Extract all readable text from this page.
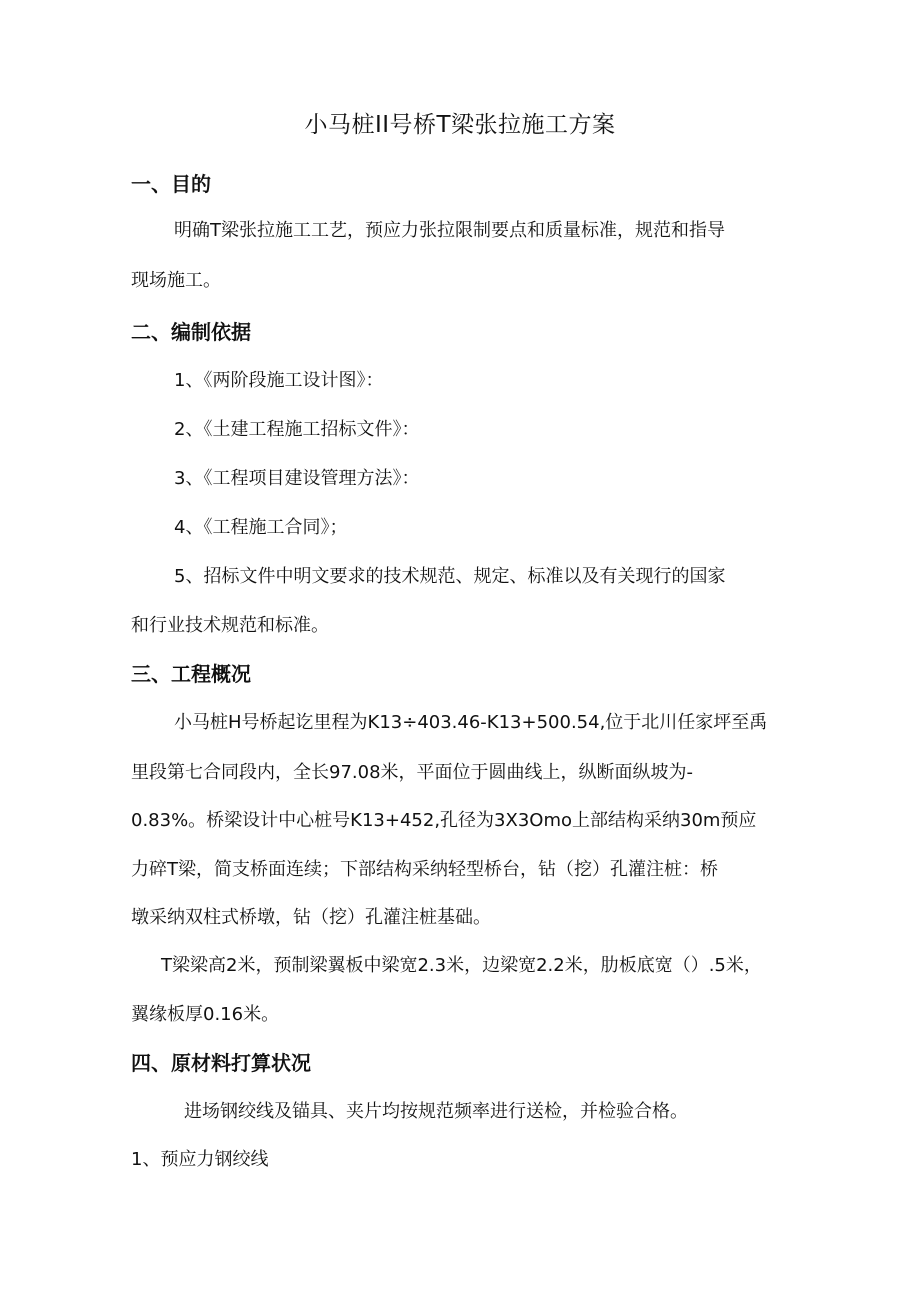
小马桩II号桥T梁张拉施工方案
一、目的
明确T梁张拉施工工艺，预应力张拉限制要点和质量标准，规范和指导
现场施工。
二、编制依据
1、《两阶段施工设计图》：
2、《土建工程施工招标文件》：
3、《工程项目建设管理方法》：
4、《工程施工合同》；
5、招标文件中明文要求的技术规范、规定、标准以及有关现行的国家
和行业技术规范和标准。
三、工程概况
小马桩H号桥起讫里程为K13÷403.46-K13+500.54,位于北川任家坪至禹
里段第七合同段内，全长97.08米，平面位于圆曲线上，纵断面纵坡为-
0.83%。桥梁设计中心桩号K13+452,孔径为3X3Omo上部结构采纳30m预应
力碎T梁，简支桥面连续；下部结构采纳轻型桥台，钻（挖）孔灌注桩：桥
墩采纳双柱式桥墩，钻（挖）孔灌注桩基础。
T梁梁高2米，预制梁翼板中梁宽2.3米，边梁宽2.2米，肋板底宽（）.5米，
翼缘板厚0.16米。
四、原材料打算状况
进场钢绞线及锚具、夹片均按规范频率进行送检，并检验合格。
1、预应力钢绞线
